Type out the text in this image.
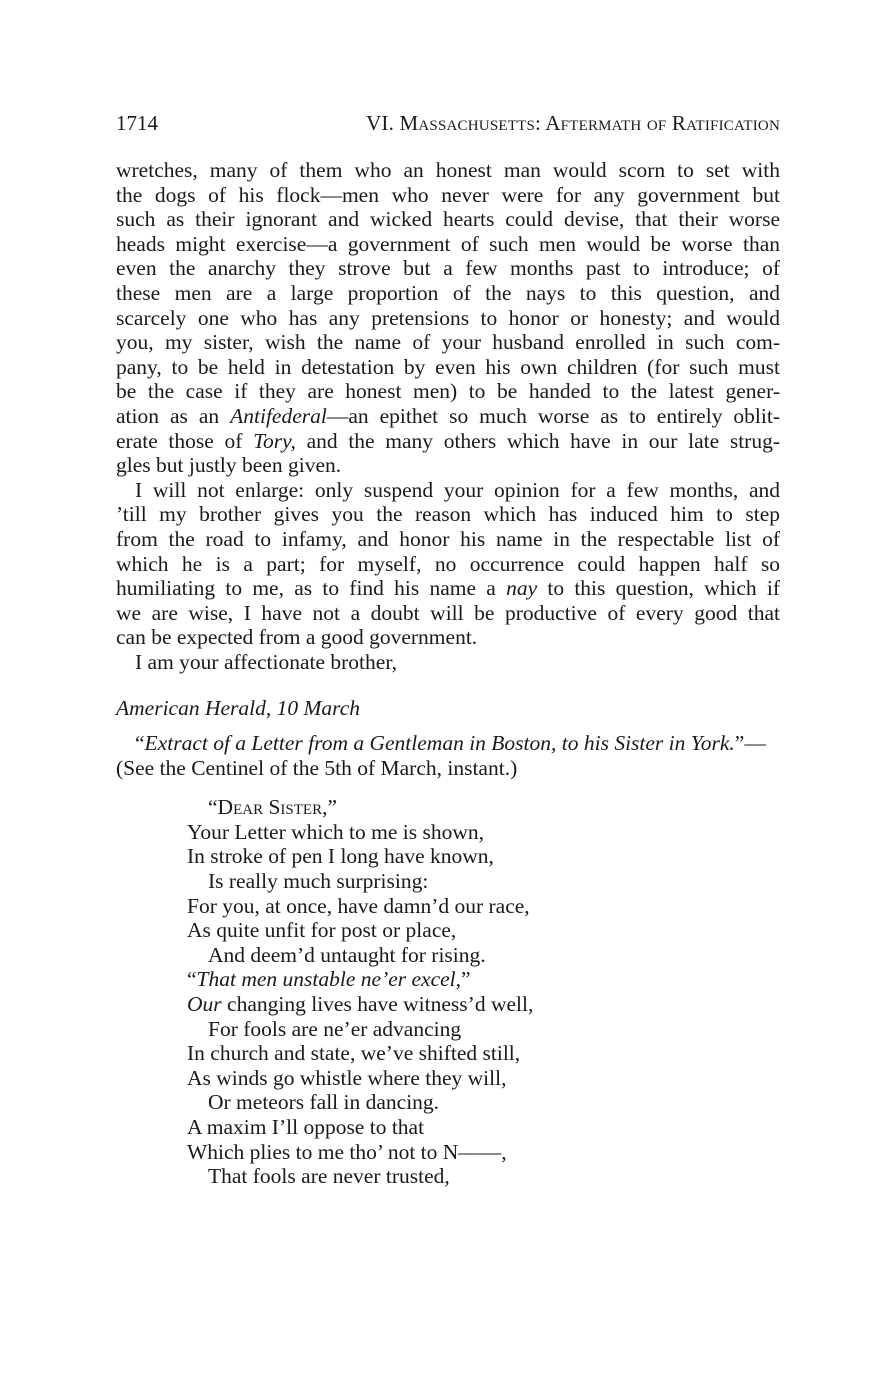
1714	VI. Massachusetts: Aftermath of Ratification
wretches, many of them who an honest man would scorn to set with
the dogs of his flock—men who never were for any government but
such as their ignorant and wicked hearts could devise, that their worse
heads might exercise—a government of such men would be worse than
even the anarchy they strove but a few months past to introduce; of
these men are a large proportion of the nays to this question, and
scarcely one who has any pretensions to honor or honesty; and would
you, my sister, wish the name of your husband enrolled in such com-
pany, to be held in detestation by even his own children (for such must
be the case if they are honest men) to be handed to the latest gener-
ation as an Antifederal—an epithet so much worse as to entirely oblit-
erate those of Tory, and the many others which have in our late strug-
gles but justly been given.
I will not enlarge: only suspend your opinion for a few months, and
’till my brother gives you the reason which has induced him to step
from the road to infamy, and honor his name in the respectable list of
which he is a part; for myself, no occurrence could happen half so
humiliating to me, as to find his name a nay to this question, which if
we are wise, I have not a doubt will be productive of every good that
can be expected from a good government.
I am your affectionate brother,
American Herald, 10 March
“Extract of a Letter from a Gentleman in Boston, to his Sister in York.”—
(See the Centinel of the 5th of March, instant.)
“Dear Sister,”
Your Letter which to me is shown,
In stroke of pen I long have known,
Is really much surprising:
For you, at once, have damn’d our race,
As quite unfit for post or place,
And deem’d untaught for rising.
“That men unstable ne’er excel,”
Our changing lives have witness’d well,
For fools are ne’er advancing
In church and state, we’ve shifted still,
As winds go whistle where they will,
Or meteors fall in dancing.
A maxim I’ll oppose to that
Which plies to me tho’ not to N——,
That fools are never trusted,
